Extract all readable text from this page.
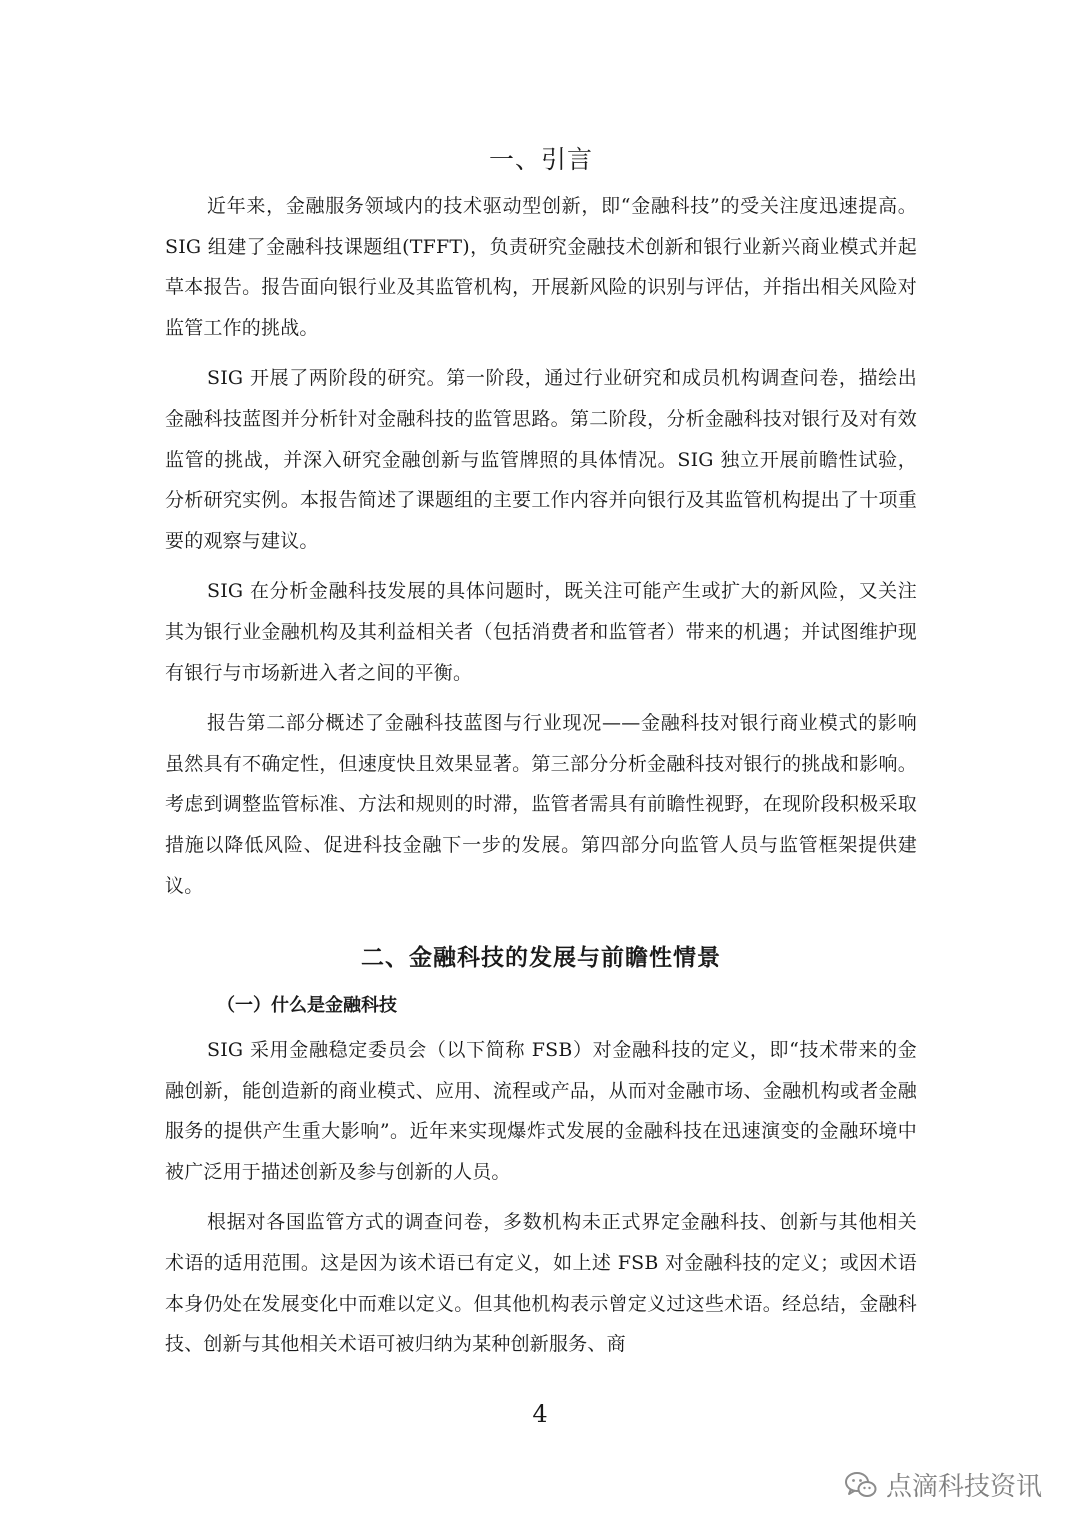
一、引言

近年来，金融服务领域内的技术驱动型创新，即“金融科技”的受关注度迅速提高。SIG 组建了金融科技课题组(TFFT)，负责研究金融技术创新和银行业新兴商业模式并起草本报告。报告面向银行业及其监管机构，开展新风险的识别与评估，并指出相关风险对监管工作的挑战。

SIG 开展了两阶段的研究。第一阶段，通过行业研究和成员机构调查问卷，描绘出金融科技蓝图并分析针对金融科技的监管思路。第二阶段，分析金融科技对银行及对有效监管的挑战，并深入研究金融创新与监管牌照的具体情况。SIG 独立开展前瞻性试验，分析研究实例。本报告简述了课题组的主要工作内容并向银行及其监管机构提出了十项重要的观察与建议。

SIG 在分析金融科技发展的具体问题时，既关注可能产生或扩大的新风险，又关注其为银行业金融机构及其利益相关者（包括消费者和监管者）带来的机遇；并试图维护现有银行与市场新进入者之间的平衡。

报告第二部分概述了金融科技蓝图与行业现况——金融科技对银行商业模式的影响虽然具有不确定性，但速度快且效果显著。第三部分分析金融科技对银行的挑战和影响。考虑到调整监管标准、方法和规则的时滞，监管者需具有前瞻性视野，在现阶段积极采取措施以降低风险、促进科技金融下一步的发展。第四部分向监管人员与监管框架提供建议。

二、金融科技的发展与前瞻性情景
（一）什么是金融科技

SIG 采用金融稳定委员会（以下简称 FSB）对金融科技的定义，即“技术带来的金融创新，能创造新的商业模式、应用、流程或产品，从而对金融市场、金融机构或者金融服务的提供产生重大影响”。近年来实现爆炸式发展的金融科技在迅速演变的金融环境中被广泛用于描述创新及参与创新的人员。

根据对各国监管方式的调查问卷，多数机构未正式界定金融科技、创新与其他相关术语的适用范围。这是因为该术语已有定义，如上述 FSB 对金融科技的定义；或因术语本身仍处在发展变化中而难以定义。但其他机构表示曾定义过这些术语。经总结，金融科技、创新与其他相关术语可被归纳为某种创新服务、商

4
点滴科技资讯
